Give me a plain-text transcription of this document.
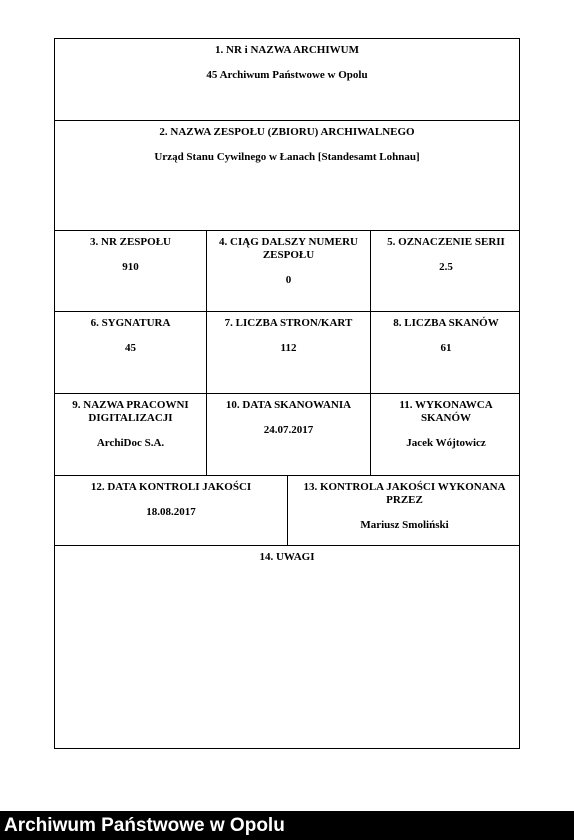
1. NR i NAZWA ARCHIWUM
45 Archiwum Państwowe w Opolu
2. NAZWA ZESPOŁU (ZBIORU) ARCHIWALNEGO
Urząd Stanu Cywilnego w Łanach [Standesamt Lohnau]
3. NR ZESPOŁU
910
4. CIĄG DALSZY NUMERU ZESPOŁU
0
5. OZNACZENIE SERII
2.5
6. SYGNATURA
45
7. LICZBA STRON/KART
112
8. LICZBA SKANÓW
61
9. NAZWA PRACOWNI DIGITALIZACJI
ArchiDoc S.A.
10. DATA SKANOWANIA
24.07.2017
11. WYKONAWCA SKANÓW
Jacek Wójtowicz
12. DATA KONTROLI JAKOŚCI
18.08.2017
13. KONTROLA JAKOŚCI WYKONANA PRZEZ
Mariusz Smoliński
14. UWAGI
Archiwum Państwowe w Opolu
